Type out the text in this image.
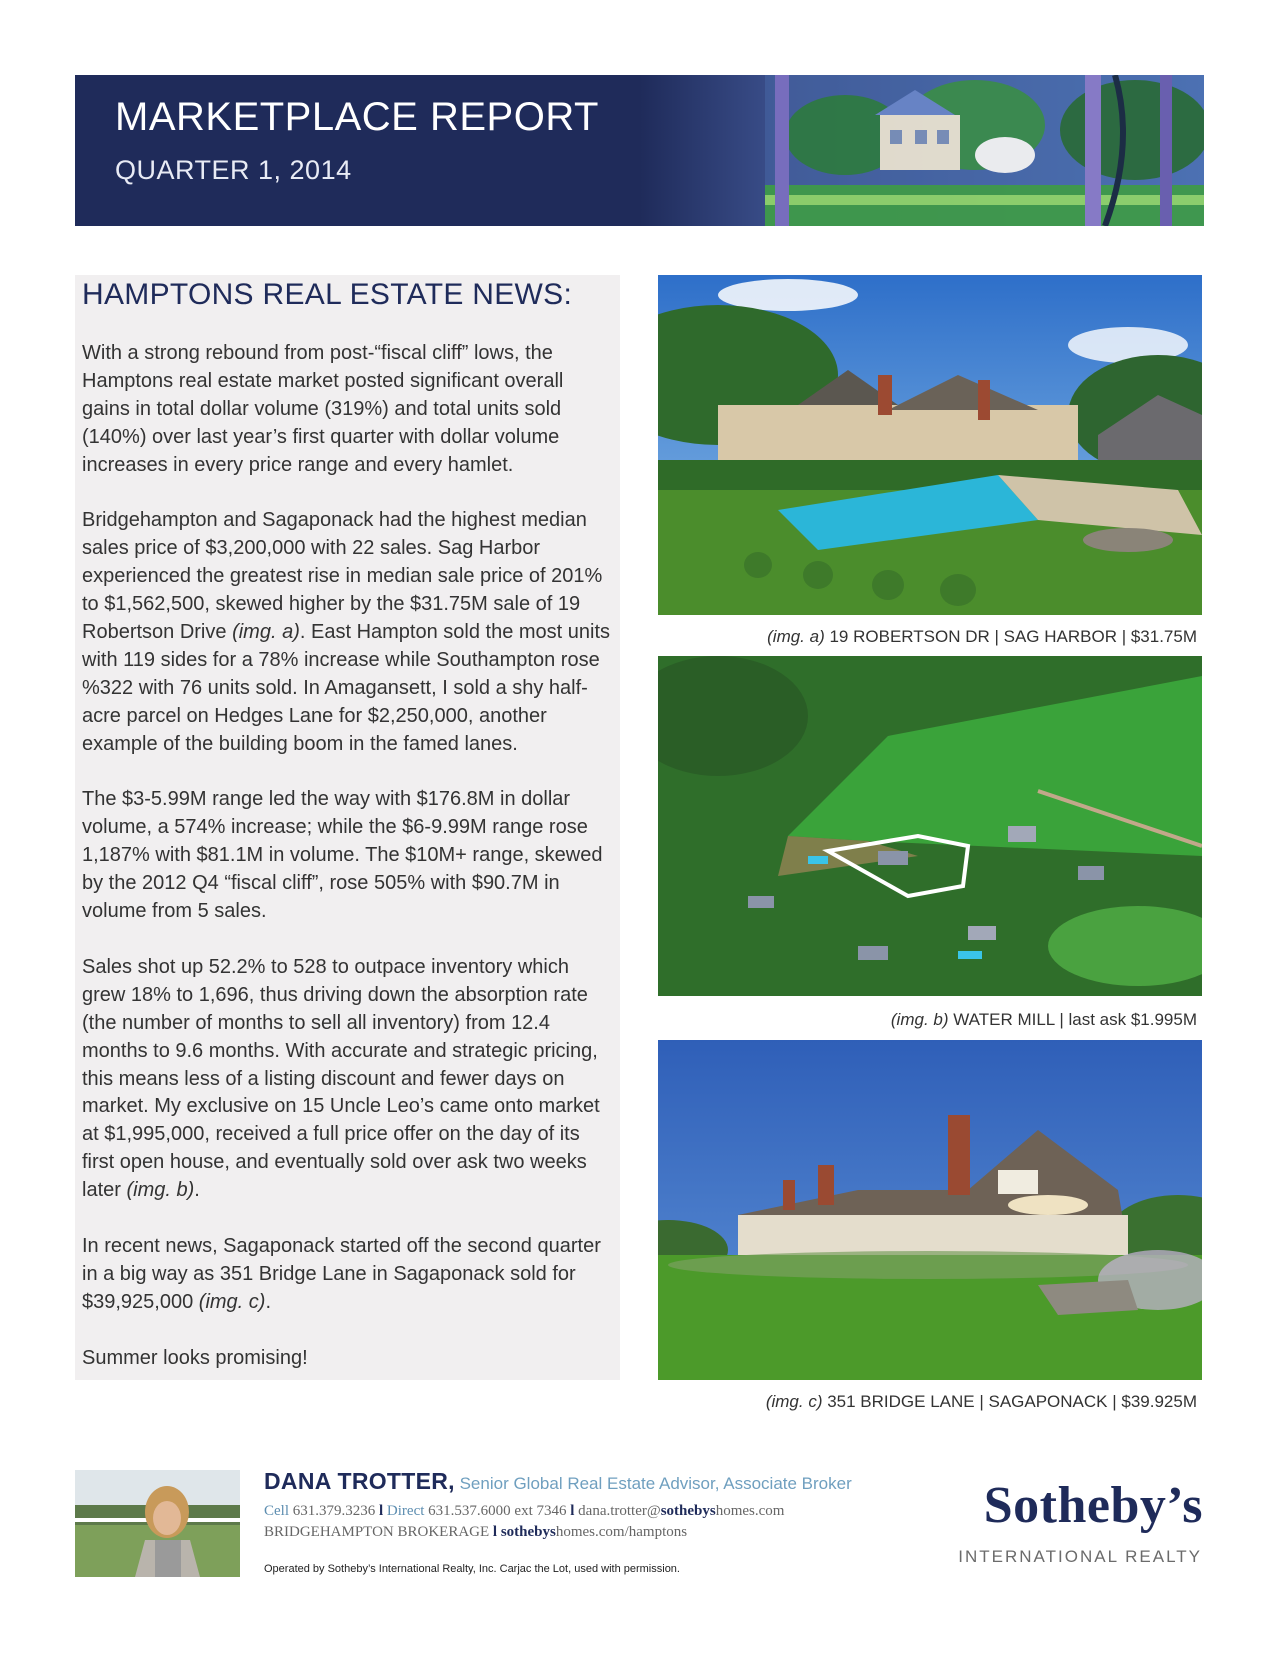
MARKETPLACE REPORT
QUARTER 1, 2014
HAMPTONS REAL ESTATE NEWS:

With a strong rebound from post-“fiscal cliff” lows, the Hamptons real estate market posted significant overall gains in total dollar volume (319%) and total units sold (140%) over last year’s first quarter with dollar volume increases in every price range and every hamlet.

Bridgehampton and Sagaponack had the highest median sales price of $3,200,000 with 22 sales. Sag Harbor experienced the greatest rise in median sale price of 201% to $1,562,500, skewed higher by the $31.75M sale of 19 Robertson Drive (img. a). East Hampton sold the most units with 119 sides for a 78% increase while Southampton rose %322 with 76 units sold. In Amagansett, I sold a shy half-acre parcel on Hedges Lane for $2,250,000, another example of the building boom in the famed lanes.

The $3-5.99M range led the way with $176.8M in dollar volume, a 574% increase; while the $6-9.99M range rose 1,187% with $81.1M in volume. The $10M+ range, skewed by the 2012 Q4 “fiscal cliff”, rose 505% with $90.7M in volume from 5 sales.

Sales shot up 52.2% to 528 to outpace inventory which grew 18% to 1,696, thus driving down the absorption rate (the number of months to sell all inventory) from 12.4 months to 9.6 months. With accurate and strategic pricing, this means less of a listing discount and fewer days on market. My exclusive on 15 Uncle Leo’s came onto market at $1,995,000, received a full price offer on the day of its first open house, and eventually sold over ask two weeks later (img. b).

In recent news, Sagaponack started off the second quarter in a big way as 351 Bridge Lane in Sagaponack sold for $39,925,000 (img. c).

Summer looks promising!

(img. a) 19 ROBERTSON DR | SAG HARBOR | $31.75M
(img. b) WATER MILL | last ask $1.995M
(img. c) 351 BRIDGE LANE | SAGAPONACK | $39.925M
DANA TROTTER, Senior Global Real Estate Advisor, Associate Broker
Cell 631.379.3236 l Direct 631.537.6000 ext 7346 l dana.trotter@sothebyshomes.com
BRIDGEHAMPTON BROKERAGE l sothebyshomes.com/hamptons
Operated by Sotheby’s International Realty, Inc. Carjac the Lot, used with permission.
Sotheby’s
INTERNATIONAL REALTY
